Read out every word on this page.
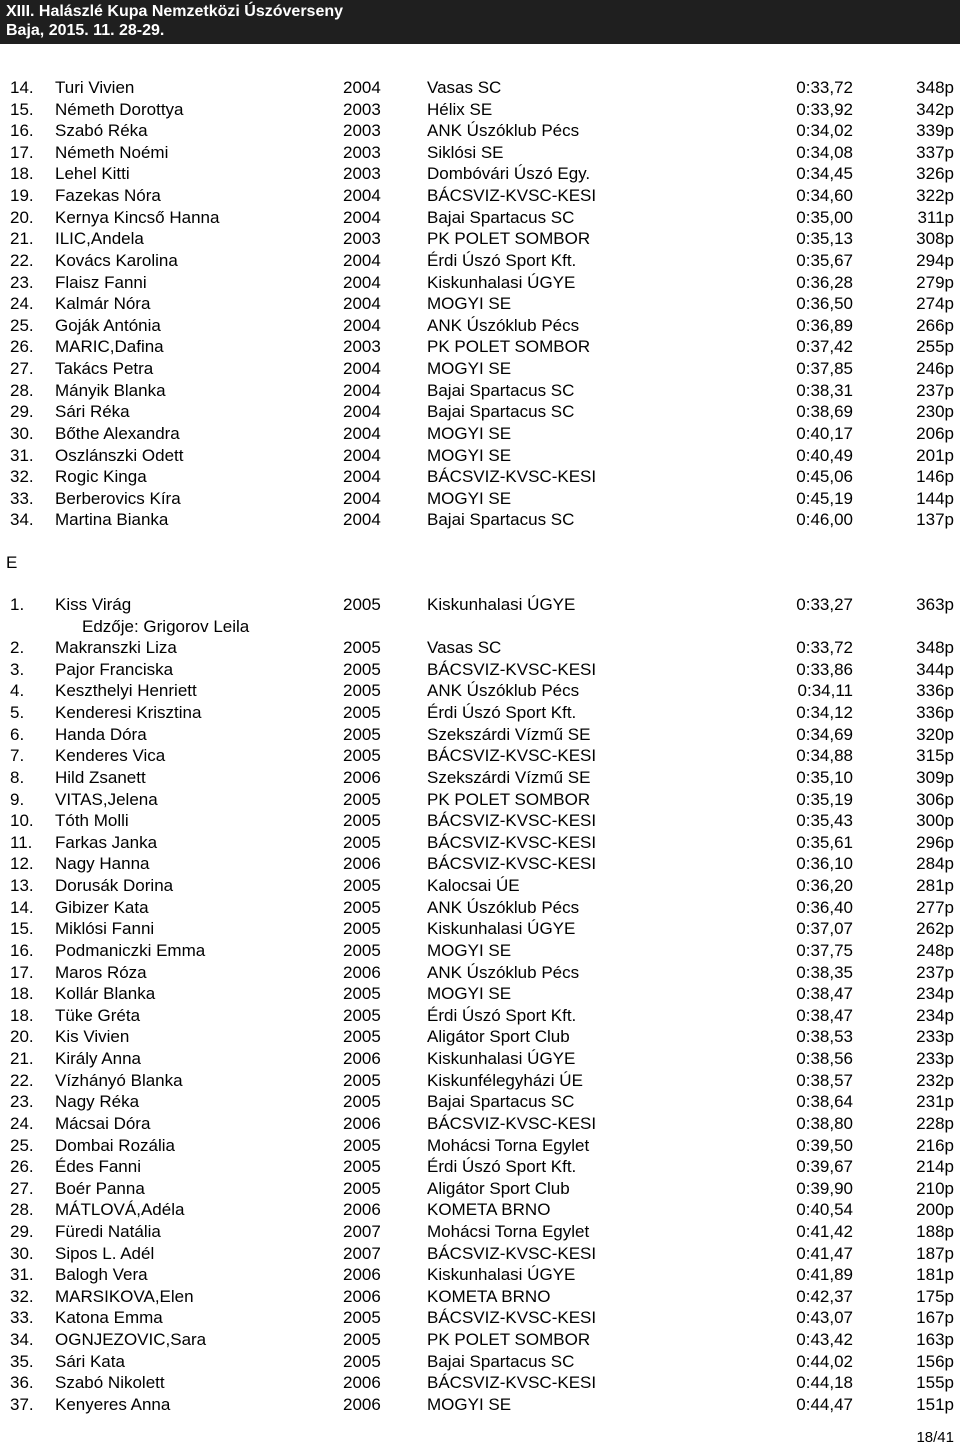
XIII. Halászlé Kupa Nemzetközi Úszóverseny
Baja, 2015. 11. 28-29.
14. Turi Vivien	2004	Vasas SC	0:33,72	348p
15. Németh Dorottya	2003	Hélix SE	0:33,92	342p
16. Szabó Réka	2003	ANK Úszóklub Pécs	0:34,02	339p
17. Németh Noémi	2003	Siklósi SE	0:34,08	337p
18. Lehel Kitti	2003	Dombóvári Úszó Egy.	0:34,45	326p
19. Fazekas Nóra	2004	BÁCSVIZ-KVSC-KESI	0:34,60	322p
20. Kernya Kincső Hanna	2004	Bajai Spartacus SC	0:35,00	311p
21. ILIC,Andela	2003	PK POLET SOMBOR	0:35,13	308p
22. Kovács Karolina	2004	Érdi Úszó Sport Kft.	0:35,67	294p
23. Flaisz Fanni	2004	Kiskunhalasi ÚGYE	0:36,28	279p
24. Kalmár Nóra	2004	MOGYI SE	0:36,50	274p
25. Goják Antónia	2004	ANK Úszóklub Pécs	0:36,89	266p
26. MARIC,Dafina	2003	PK POLET SOMBOR	0:37,42	255p
27. Takács Petra	2004	MOGYI SE	0:37,85	246p
28. Mányik Blanka	2004	Bajai Spartacus SC	0:38,31	237p
29. Sári Réka	2004	Bajai Spartacus SC	0:38,69	230p
30. Bőthe Alexandra	2004	MOGYI SE	0:40,17	206p
31. Oszlánszki Odett	2004	MOGYI SE	0:40,49	201p
32. Rogic Kinga	2004	BÁCSVIZ-KVSC-KESI	0:45,06	146p
33. Berberovics Kíra	2004	MOGYI SE	0:45,19	144p
34. Martina Bianka	2004	Bajai Spartacus SC	0:46,00	137p
E
1. Kiss Virág	2005	Kiskunhalasi ÚGYE	0:33,27	363p
Edzője: Grigorov Leila
2. Makranszki Liza	2005	Vasas SC	0:33,72	348p
3. Pajor Franciska	2005	BÁCSVIZ-KVSC-KESI	0:33,86	344p
4. Keszthelyi Henriett	2005	ANK Úszóklub Pécs	0:34,11	336p
5. Kenderesi Krisztina	2005	Érdi Úszó Sport Kft.	0:34,12	336p
6. Handa Dóra	2005	Szekszárdi Vízmű SE	0:34,69	320p
7. Kenderes Vica	2005	BÁCSVIZ-KVSC-KESI	0:34,88	315p
8. Hild Zsanett	2006	Szekszárdi Vízmű SE	0:35,10	309p
9. VITAS,Jelena	2005	PK POLET SOMBOR	0:35,19	306p
10. Tóth Molli	2005	BÁCSVIZ-KVSC-KESI	0:35,43	300p
11. Farkas Janka	2005	BÁCSVIZ-KVSC-KESI	0:35,61	296p
12. Nagy Hanna	2006	BÁCSVIZ-KVSC-KESI	0:36,10	284p
13. Dorusák Dorina	2005	Kalocsai ÚE	0:36,20	281p
14. Gibizer Kata	2005	ANK Úszóklub Pécs	0:36,40	277p
15. Miklósi Fanni	2005	Kiskunhalasi ÚGYE	0:37,07	262p
16. Podmaniczki Emma	2005	MOGYI SE	0:37,75	248p
17. Maros Róza	2006	ANK Úszóklub Pécs	0:38,35	237p
18. Kollár Blanka	2005	MOGYI SE	0:38,47	234p
18. Tüke Gréta	2005	Érdi Úszó Sport Kft.	0:38,47	234p
20. Kis Vivien	2005	Aligátor Sport Club	0:38,53	233p
21. Király Anna	2006	Kiskunhalasi ÚGYE	0:38,56	233p
22. Vízhányó Blanka	2005	Kiskunfélegyházi ÚE	0:38,57	232p
23. Nagy Réka	2005	Bajai Spartacus SC	0:38,64	231p
24. Mácsai Dóra	2006	BÁCSVIZ-KVSC-KESI	0:38,80	228p
25. Dombai Rozália	2005	Mohácsi Torna Egylet	0:39,50	216p
26. Édes Fanni	2005	Érdi Úszó Sport Kft.	0:39,67	214p
27. Boér Panna	2005	Aligátor Sport Club	0:39,90	210p
28. MÁTLOVÁ,Adéla	2006	KOMETA BRNO	0:40,54	200p
29. Füredi Natália	2007	Mohácsi Torna Egylet	0:41,42	188p
30. Sipos L. Adél	2007	BÁCSVIZ-KVSC-KESI	0:41,47	187p
31. Balogh Vera	2006	Kiskunhalasi ÚGYE	0:41,89	181p
32. MARSIKOVA,Elen	2006	KOMETA BRNO	0:42,37	175p
33. Katona Emma	2005	BÁCSVIZ-KVSC-KESI	0:43,07	167p
34. OGNJEZOVIC,Sara	2005	PK POLET SOMBOR	0:43,42	163p
35. Sári Kata	2005	Bajai Spartacus SC	0:44,02	156p
36. Szabó Nikolett	2006	BÁCSVIZ-KVSC-KESI	0:44,18	155p
37. Kenyeres Anna	2006	MOGYI SE	0:44,47	151p
18/41
